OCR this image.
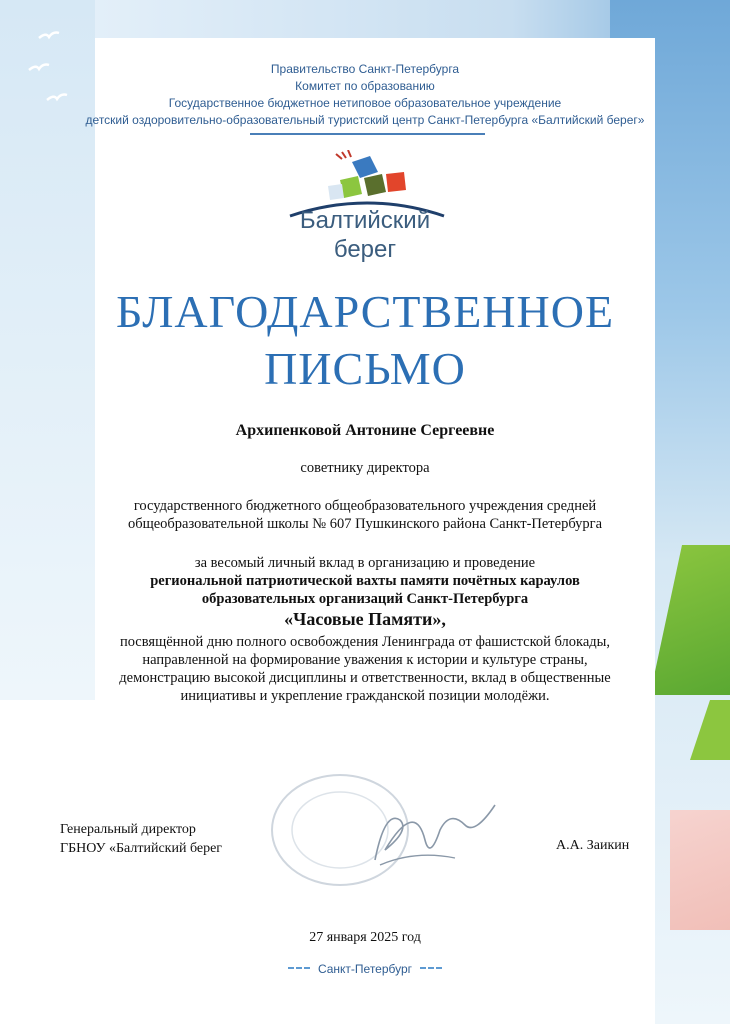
Правительство Санкт-Петербурга
Комитет по образованию
Государственное бюджетное нетиповое образовательное учреждение
детский оздоровительно-образовательный туристский центр Санкт-Петербурга «Балтийский берег»
Балтийский
берег
БЛАГОДАРСТВЕННОЕ
ПИСЬМО
Архипенковой Антонине Сергеевне
советнику директора
государственного бюджетного общеобразовательного учреждения средней
общеобразовательной школы № 607 Пушкинского района Санкт-Петербурга
за весомый личный вклад в организацию и проведение
региональной патриотической вахты памяти почётных караулов
образовательных организаций Санкт-Петербурга
«Часовые Памяти»,
посвящённой дню полного освобождения Ленинграда от фашистской блокады,
направленной на формирование уважения к истории и культуре страны,
демонстрацию высокой дисциплины и ответственности, вклад в общественные
инициативы и укрепление гражданской позиции молодёжи.
Генеральный директор
ГБНОУ «Балтийский берег	А.А. Заикин
27 января 2025 год
Санкт-Петербург
